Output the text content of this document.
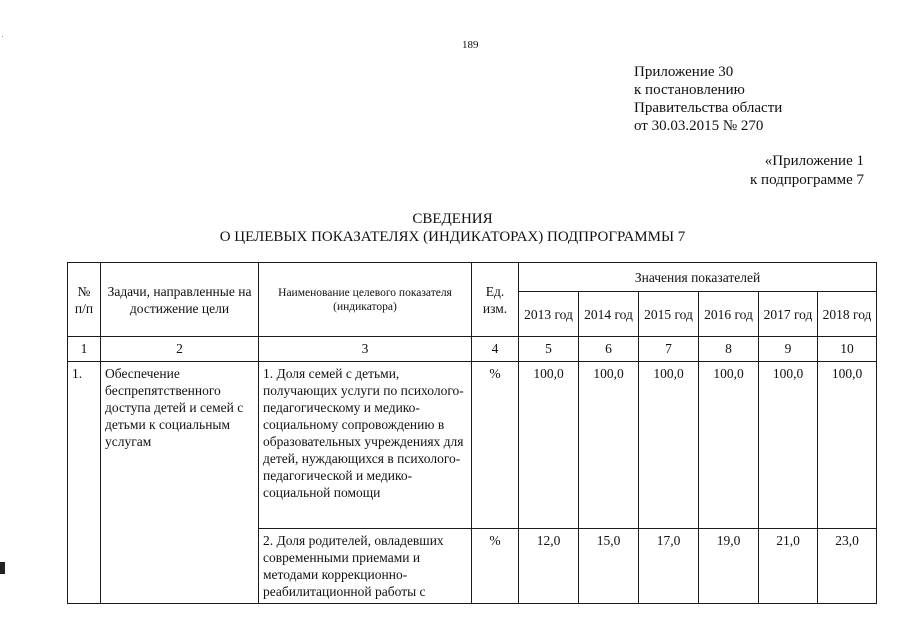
189
Приложение 30
к постановлению
Правительства области
от 30.03.2015 № 270
«Приложение 1
к подпрограмме 7
СВЕДЕНИЯ
О ЦЕЛЕВЫХ ПОКАЗАТЕЛЯХ (ИНДИКАТОРАХ) ПОДПРОГРАММЫ 7
№ п/п	Задачи, направленные на достижение цели	Наименование целевого показателя (индикатора)	Ед. изм.	Значения показателей					
				2013 год	2014 год	2015 год	2016 год	2017 год	2018 год
1	2	3	4	5	6	7	8	9	10
1.	Обеспечение беспрепятственного доступа детей и семей с детьми к социальным услугам	1. Доля семей с детьми, получающих услуги по психолого-педагогическому и медико-социальному сопровождению в образовательных учреждениях для детей, нуждающихся в психолого-педагогической и медико-социальной помощи	%	100,0	100,0	100,0	100,0	100,0	100,0
		2. Доля родителей, овладевших современными приемами и методами коррекционно-реабилитационной работы с	%	12,0	15,0	17,0	19,0	21,0	23,0
